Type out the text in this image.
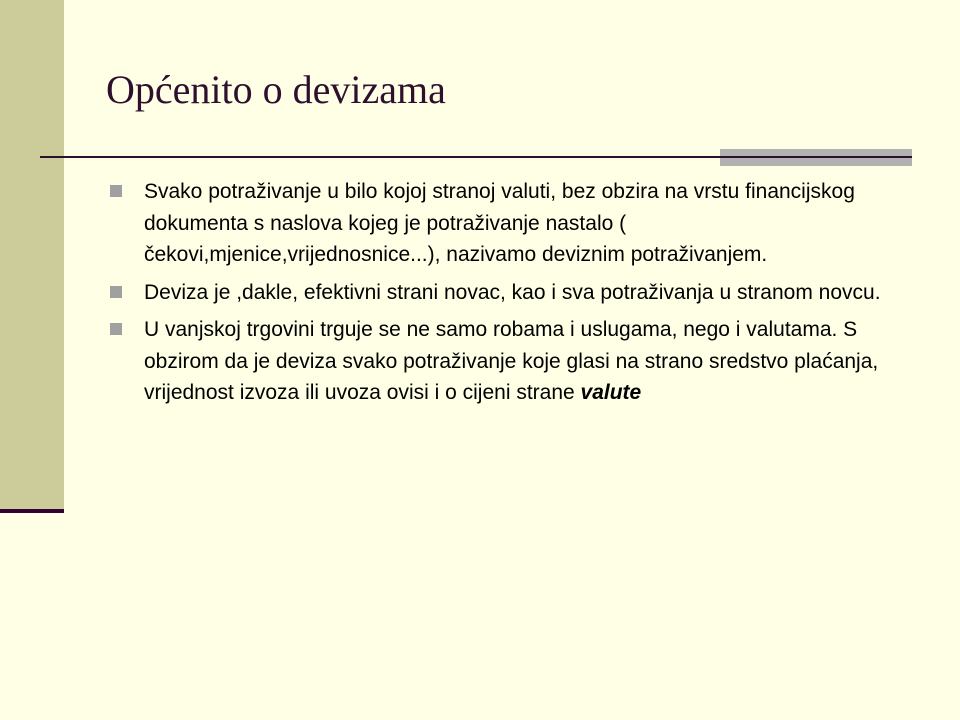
Općenito o devizama
Svako potraživanje u bilo kojoj stranoj valuti, bez obzira na vrstu financijskog dokumenta s naslova kojeg je potraživanje nastalo ( čekovi,mjenice,vrijednosnice...), nazivamo deviznim potraživanjem.
Deviza je ,dakle, efektivni strani novac, kao i sva potraživanja u stranom novcu.
U vanjskoj trgovini trguje se ne samo robama i uslugama, nego i valutama. S obzirom da je deviza svako potraživanje koje glasi na strano sredstvo plaćanja, vrijednost izvoza ili uvoza ovisi i o cijeni strane valute
